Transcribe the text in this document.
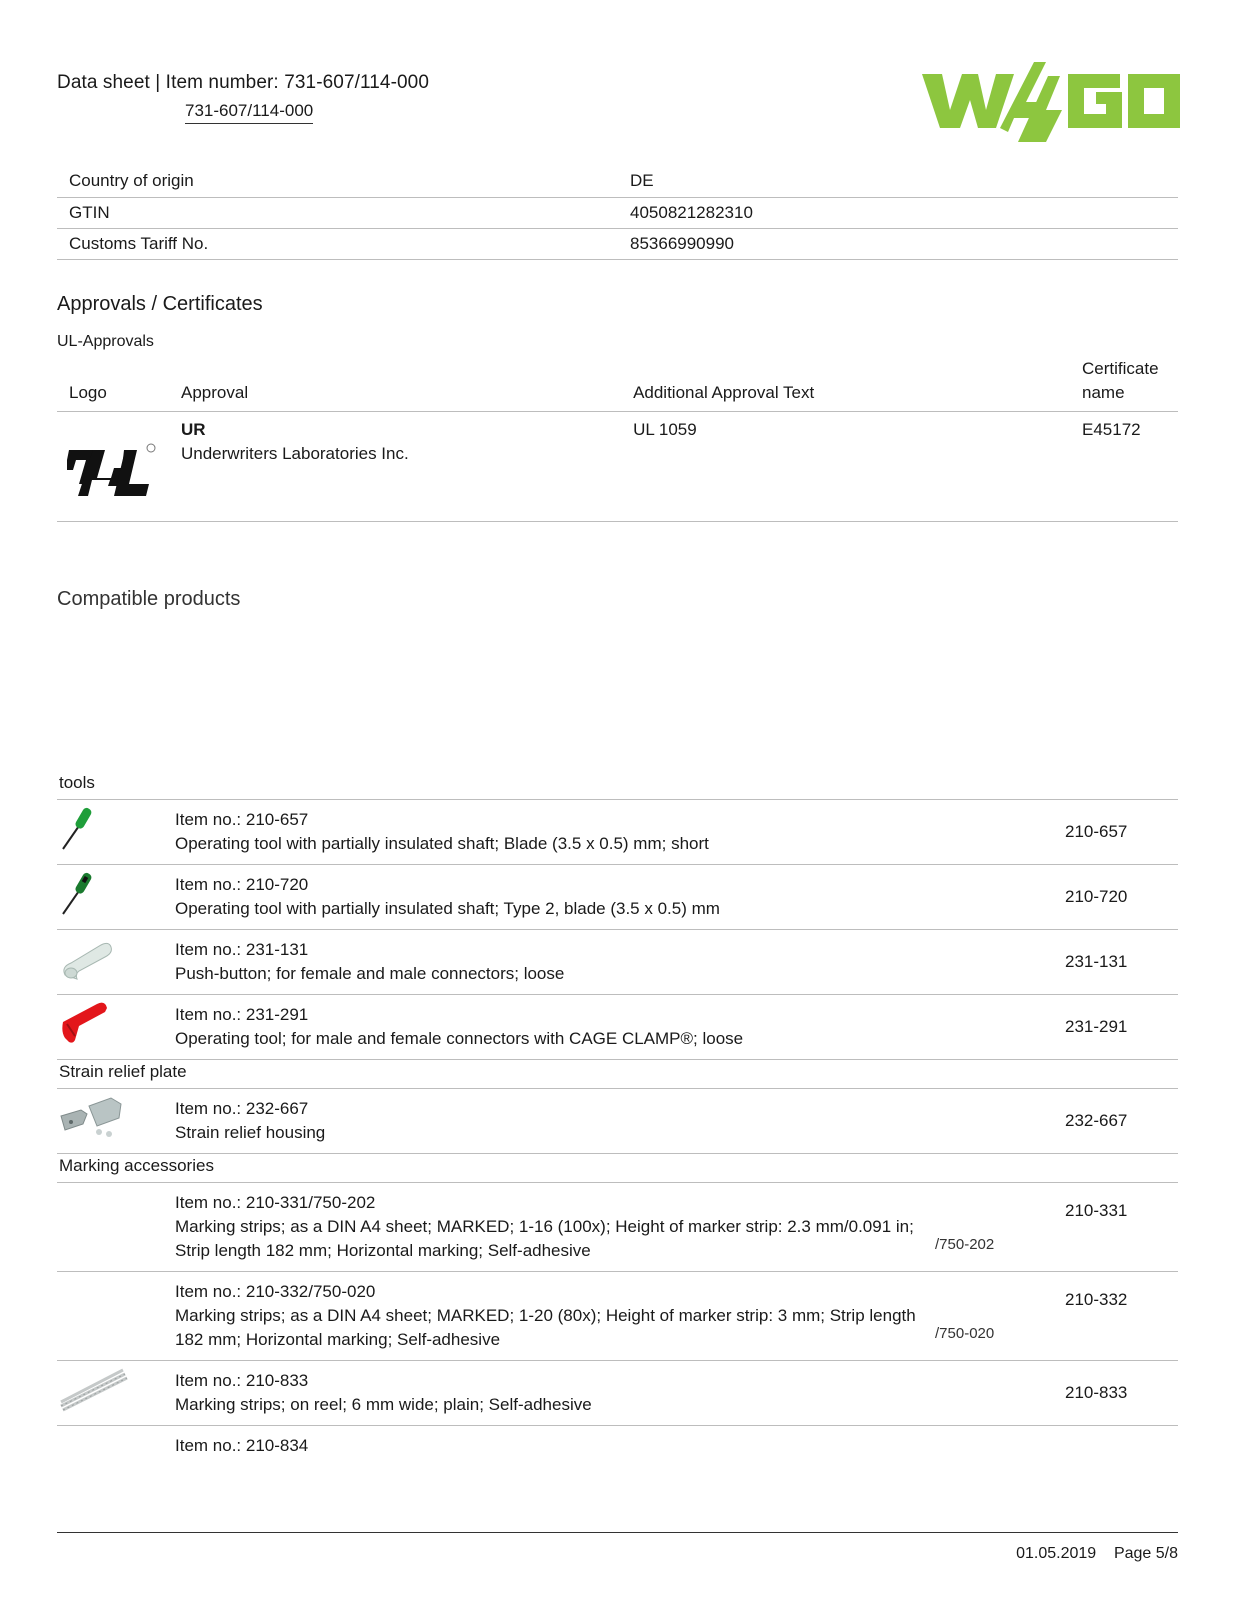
Data sheet | Item number: 731-607/114-000
731-607/114-000
Country of origin	DE
GTIN	4050821282310
Customs Tariff No.	85366990990
Approvals / Certificates
UL-Approvals
Logo	Approval	Additional Approval Text	Certificate name

UR
Underwriters Laboratories Inc.	UL 1059	E45172
Compatible products
tools			

Item no.: 210-657
Operating tool with partially insulated shaft; Blade (3.5 x 0.5) mm; short		210-657

Item no.: 210-720
Operating tool with partially insulated shaft; Type 2, blade (3.5 x 0.5) mm		210-720

Item no.: 231-131
Push-button; for female and male connectors; loose		231-131

Item no.: 231-291
Operating tool; for male and female connectors with CAGE CLAMP®; loose		231-291
Strain relief plate			

Item no.: 232-667
Strain relief housing		232-667
Marking accessories			

	Item no.: 210-331/750-202
Marking strips; as a DIN A4 sheet; MARKED; 1-16 (100x); Height of marker strip: 2.3 mm/0.091 in; Strip length 182 mm; Horizontal marking; Self-adhesive	/750-202	210-331

	Item no.: 210-332/750-020
Marking strips; as a DIN A4 sheet; MARKED; 1-20 (80x); Height of marker strip: 3 mm; Strip length 182 mm; Horizontal marking; Self-adhesive	/750-020	210-332

Item no.: 210-833
Marking strips; on reel; 6 mm wide; plain; Self-adhesive		210-833

	Item no.: 210-834		

01.05.2019 Page 5/8
